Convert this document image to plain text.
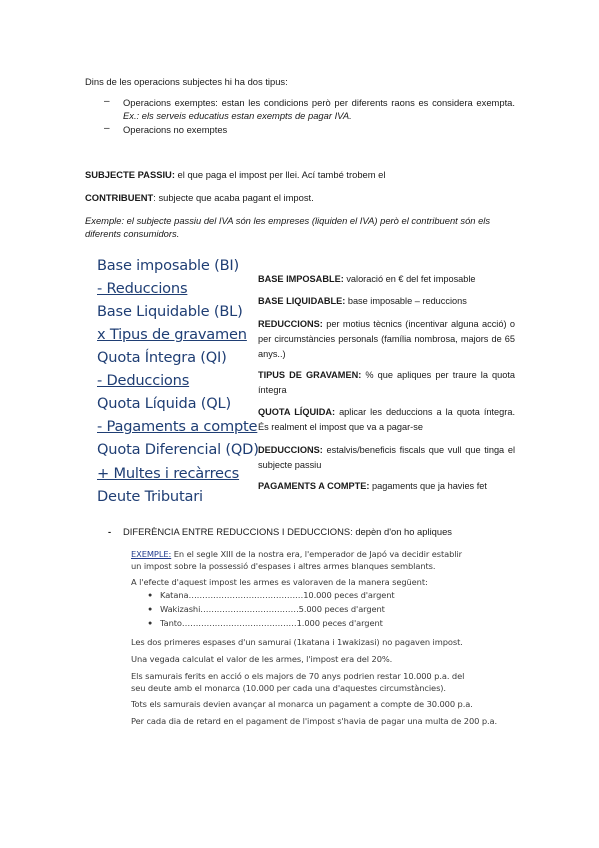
Dins de les operacions subjectes hi ha dos tipus:
– Operacions exemptes: estan les condicions però per diferents raons es considera exempta. Ex.: els serveis educatius estan exempts de pagar IVA.
– Operacions no exemptes
SUBJECTE PASSIU: el que paga el impost per llei. Ací també trobem el
CONTRIBUENT: subjecte que acaba pagant el impost.
Exemple: el subjecte passiu del IVA són les empreses (liquiden el IVA) però el contribuent són els diferents consumidors.
Base imposable (BI)
- Reduccions
Base Liquidable (BL)
x Tipus de gravamen
Quota Íntegra (QI)
- Deduccions
Quota Líquida (QL)
- Pagaments a compte
Quota Diferencial (QD)
+ Multes i recàrrecs
Deute Tributari
BASE IMPOSABLE: valoració en € del fet imposable
BASE LIQUIDABLE: base imposable – reduccions
REDUCCIONS: per motius tècnics (incentivar alguna acció) o per circumstàncies personals (família nombrosa, majors de 65 anys..)
TIPUS DE GRAVAMEN: % que apliques per traure la quota íntegra
QUOTA LÍQUIDA: aplicar les deduccions a la quota íntegra. És realment el impost que va a pagar-se
DEDUCCIONS: estalvis/beneficis fiscals que vull que tinga el subjecte passiu
PAGAMENTS A COMPTE: pagaments que ja havies fet
- DIFERÈNCIA ENTRE REDUCCIONS I DEDUCCIONS: depèn d'on ho apliques
EXEMPLE: En el segle XIII de la nostra era, l'emperador de Japó va decidir establir un impost sobre la possessió d'espases i altres armes blanques semblants.
A l'efecte d'aquest impost les armes es valoraven de la manera següent:
● Katana……………………………………10.000 peces d'argent
● Wakizashi………………………………5.000 peces d'argent
● Tanto……………………………………1.000 peces d'argent
Les dos primeres espases d'un samurai (1katana i 1wakizasi) no pagaven impost.
Una vegada calculat el valor de les armes, l'impost era del 20%.
Els samurais ferits en acció o els majors de 70 anys podrien restar 10.000 p.a. del seu deute amb el monarca (10.000 per cada una d'aquestes circumstàncies).
Tots els samurais devien avançar al monarca un pagament a compte de 30.000 p.a.
Per cada dia de retard en el pagament de l'impost s'havia de pagar una multa de 200 p.a.
